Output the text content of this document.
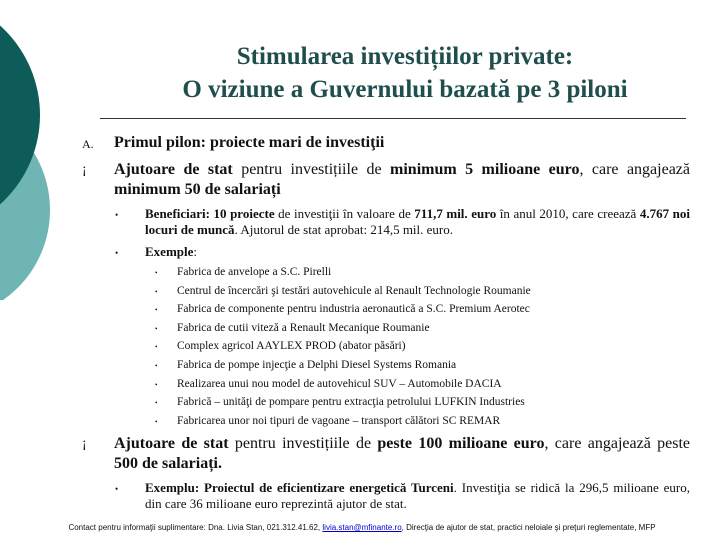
Stimularea investițiilor private:
O viziune a Guvernului bazată pe 3 piloni
A. Primul pilon: proiecte mari de investiţii
¡ Ajutoare de stat pentru investițiile de minimum 5 milioane euro, care angajează minimum 50 de salariați
• Beneficiari: 10 proiecte de investiţii în valoare de 711,7 mil. euro în anul 2010, care creează 4.767 noi locuri de muncă. Ajutorul de stat aprobat: 214,5 mil. euro.
• Exemple:
• Fabrica de anvelope a S.C. Pirelli
• Centrul de încercări şi testări autovehicule al Renault Technologie Roumanie
• Fabrica de componente pentru industria aeronautică a S.C. Premium Aerotec
• Fabrica de cutii viteză a Renault Mecanique Roumanie
• Complex agricol AAYLEX PROD (abator păsări)
• Fabrica de pompe injecţie a Delphi Diesel Systems Romania
• Realizarea unui nou model de autovehicul SUV – Automobile DACIA
• Fabrică – unităţi de pompare pentru extracţia petrolului LUFKIN Industries
• Fabricarea unor noi tipuri de vagoane – transport călători SC REMAR
¡ Ajutoare de stat pentru investițiile de peste 100 milioane euro, care angajează peste 500 de salariați.
• Exemplu: Proiectul de eficientizare energetică Turceni. Investiţia se ridică la 296,5 milioane euro, din care 36 milioane euro reprezintă ajutor de stat.
Contact pentru informaţii suplimentare: Dna. Livia Stan, 021.312.41.62, livia.stan@mfinante.ro, Direcţia de ajutor de stat, practici neloiale şi preţuri reglementate, MFP
